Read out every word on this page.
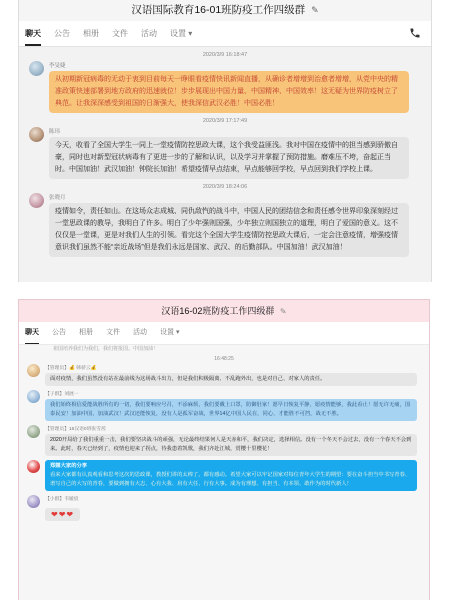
汉语国际教育16-01班防疫工作四级群 ✎
聊天 公告 相册 文件 活动 设置 ▾
2020/3/9 16:18:47
李旻婕
从初期新冠病毒的无动于衷到目前每天一睁眼看疫情快讯新闻直播，从确诊者增增到治愈者增增，从党中央的精准政策快速部署到地方政府的迅速就位！步步展现出中国力量、中国精神、中国效率！这无疑为世界防疫树立了典范。让我深深感受到祖国的日渐强大，使我深信武汉必胜！中国必胜！
2020/3/9 17:17:49
陈玮
今天，收看了全国大学生一同上一堂疫情防控思政大课，这个我受益匪浅。我对中国在疫情中的担当感到骄傲自豪，同时也对新型冠状病毒有了更进一步的了解和认识，以及学习并掌握了预防措施。磨难压不垮，奋起正当时。中国加油！武汉加油！钟院长加油！希望疫情早点结束，早点能够回学校，早点回到我们学校上课。
2020/3/9 18:24:06
张晓月
疫情如令，责任如山。在这场众志成城、同仇敌忾的战斗中，中国人民的团结信念和责任感令世界印象深刻经过一堂思政课的教导，我明白了许多。明白了少年强则国强，少年独立则国独立的道理，明白了爱国的意义。这不仅仅是一堂课，更是对我们人生的引领。看完这个全国大学生疫情防控思政大课后，一定会注意疫情，增强疫情意识我们虽然不能“亲近战场”但是我们永远是国家、武汉、的后勤部队。中国加油！武汉加油！
汉语16-02班防疫工作四级群 ✎
聊天 公告 相册 文件 活动 设置 ▾
祖国培养我们为我们，我们将报国。中国加油！
16:48:25
【管理员】💰 韩骄云💰
面对疫情，我们虽然没有站在最前线为这场战斗出力，但是我们积极隔离、不乱跑外出，也是对自己、对家人的责任。
【子群】刘展一
我们始终相信爱能战胜所有的一切，我们要响应号召，不添麻烦，我们要戴上口罩，防御肚家！愿早日恢复平静，愿疫情能够，我此看止！愿无许无痛，国泰民安！加油中国，加油武汉！武汉还能恢复，没有人是孤军奋战，世界14亿中国人民在，同心，才能胜不可挡，战无不胜。
【管理员】16汉语0班张雪茜
2020开局给了我们重重一击，我们要坚决战斗的顽强，无论最终结果何人是天赤和平，我们决定，选择相信。没有一个冬天不会过去，没有一个春天不会到来。此时，春天已经到了，疫情也迎来了拐点，待我患着凯歌，我们齐赴江城，赏樱十里樱花！
郑娜大家的分享
看来大家都有认真观看和思考这次的思政课，教授们讲的太棒了，都有感动。希望大家可以牢记国家对每位青年大学生的期望：要在奋斗担当中书写青春、谱写自己的大写的青春，要做到拥有大志、心有大我、肩有大任、行有大事。成为有理想、有担当、有本领、敢作为的时代新人！
【小群】韦媛宸
❤❤❤
